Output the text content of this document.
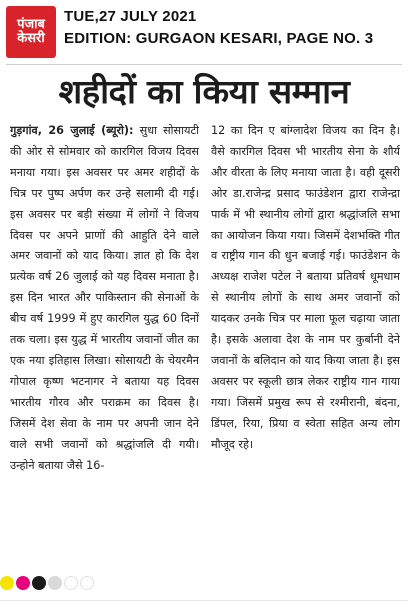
पंजाब
केसरी
TUE,27 JULY 2021
EDITION: GURGAON KESARI, PAGE NO. 3
शहीदों का किया सम्मान

गुड़गांव, 26 जुलाई (ब्यूरो): सुधा सोसायटी की ओर से सोमवार को कारगिल विजय दिवस मनाया गया। इस अवसर पर अमर शहीदों के चित्र पर पुष्प अर्पण कर उन्हे सलामी दी गई। इस अवसर पर बड़ी संख्या में लोगों ने विजय दिवस पर अपने प्राणों की आहुति देने वाले अमर जवानों को याद किया। ज्ञात हो कि देश प्रत्येक वर्ष 26 जुलाई को यह दिवस मनाता है। इस दिन भारत और पाकिस्तान की सेनाओं के बीच वर्ष 1999 में हुए कारगिल युद्ध 60 दिनों तक चला। इस युद्ध में भारतीय जवानों जीत का एक नया इतिहास लिखा। सोसायटी के चेयरमैन गोपाल कृष्ण भटनागर ने बताया यह दिवस भारतीय गौरव और पराक्रम का दिवस है। जिसमें देश सेवा के नाम पर अपनी जान देने वाले सभी जवानों को श्रद्धांजलि दी गयी। उन्होने बताया जैसे 16-

12 का दिन ए बांग्लादेश विजय का दिन है। वैसे कारगिल दिवस भी भारतीय सेना के शौर्य और वीरता के लिए मनाया जाता है। वही दूसरी ओर डा.राजेन्द्र प्रसाद फाउंडेशन द्वारा राजेन्द्रा पार्क में भी स्थानीय लोगों द्वारा श्रद्धांजलि सभा का आयोजन किया गया। जिसमें देशभक्ति गीत व राष्ट्रीय गान की धुन बजाई गई। फाउंडेशन के अध्यक्ष राजेश पटेल ने बताया प्रतिवर्ष धूमधाम से स्थानीय लोगों के साथ अमर जवानों को यादकर उनके चित्र पर माला फूल चढ़ाया जाता है। इसके अलावा देश के नाम पर कुर्बानी देने जवानों के बलिदान को याद किया जाता है। इस अवसर पर स्कूली छात्र लेकर राष्ट्रीय गान गाया गया। जिसमें प्रमुख रूप से रश्मीरानी, बंदना, डिंपल, रिया, प्रिया व स्वेता सहित अन्य लोग मौजूद रहे।
